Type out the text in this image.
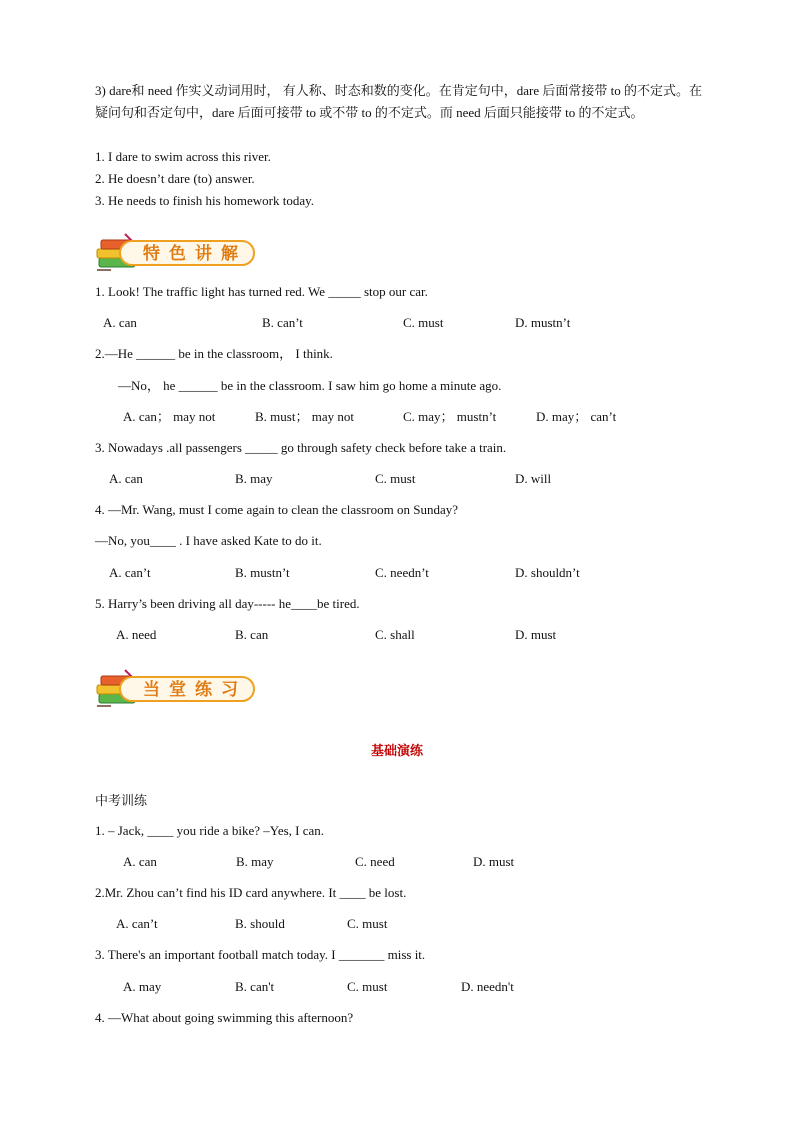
3) dare和 need 作实义动词用时， 有人称、时态和数的变化。在肯定句中，dare 后面常接带 to 的不定式。在疑问句和否定句中，dare 后面可接带 to 或不带 to 的不定式。而 need 后面只能接带 to 的不定式。
1. I dare to swim across this river.
2. He doesn’t dare (to) answer.
3. He needs to finish his homework today.
特色讲解
1. Look! The traffic light has turned red. We _____ stop our car.
A. can	B. can’t	C. must	D. mustn’t
2.—He ______ be in the classroom， I think.
—No， he ______ be in the classroom. I saw him go home a minute ago.
A. can； may not	B. must； may not	C. may； mustn’t	D. may； can’t
3. Nowadays .all passengers _____ go through safety check before take a train.
A. can	B. may	C. must	D. will
4. —Mr. Wang, must I come again to clean the classroom on Sunday?
—No, you____ . I have asked Kate to do it.
A. can’t	B. mustn’t	C. needn’t	D. shouldn’t
5. Harry’s been driving all day----- he____be tired.
A. need	B. can	C. shall	D. must
当堂练习
基础演练
中考训练
1. – Jack, ____ you ride a bike? –Yes, I can.
A. can	B. may	C. need	D. must
2.Mr. Zhou can’t find his ID card anywhere. It ____ be lost.
A. can’t	B. should	C. must
3. There's an important football match today. I _______ miss it.
A. may	B. can't	C. must	D. needn't
4. —What about going swimming this afternoon?
